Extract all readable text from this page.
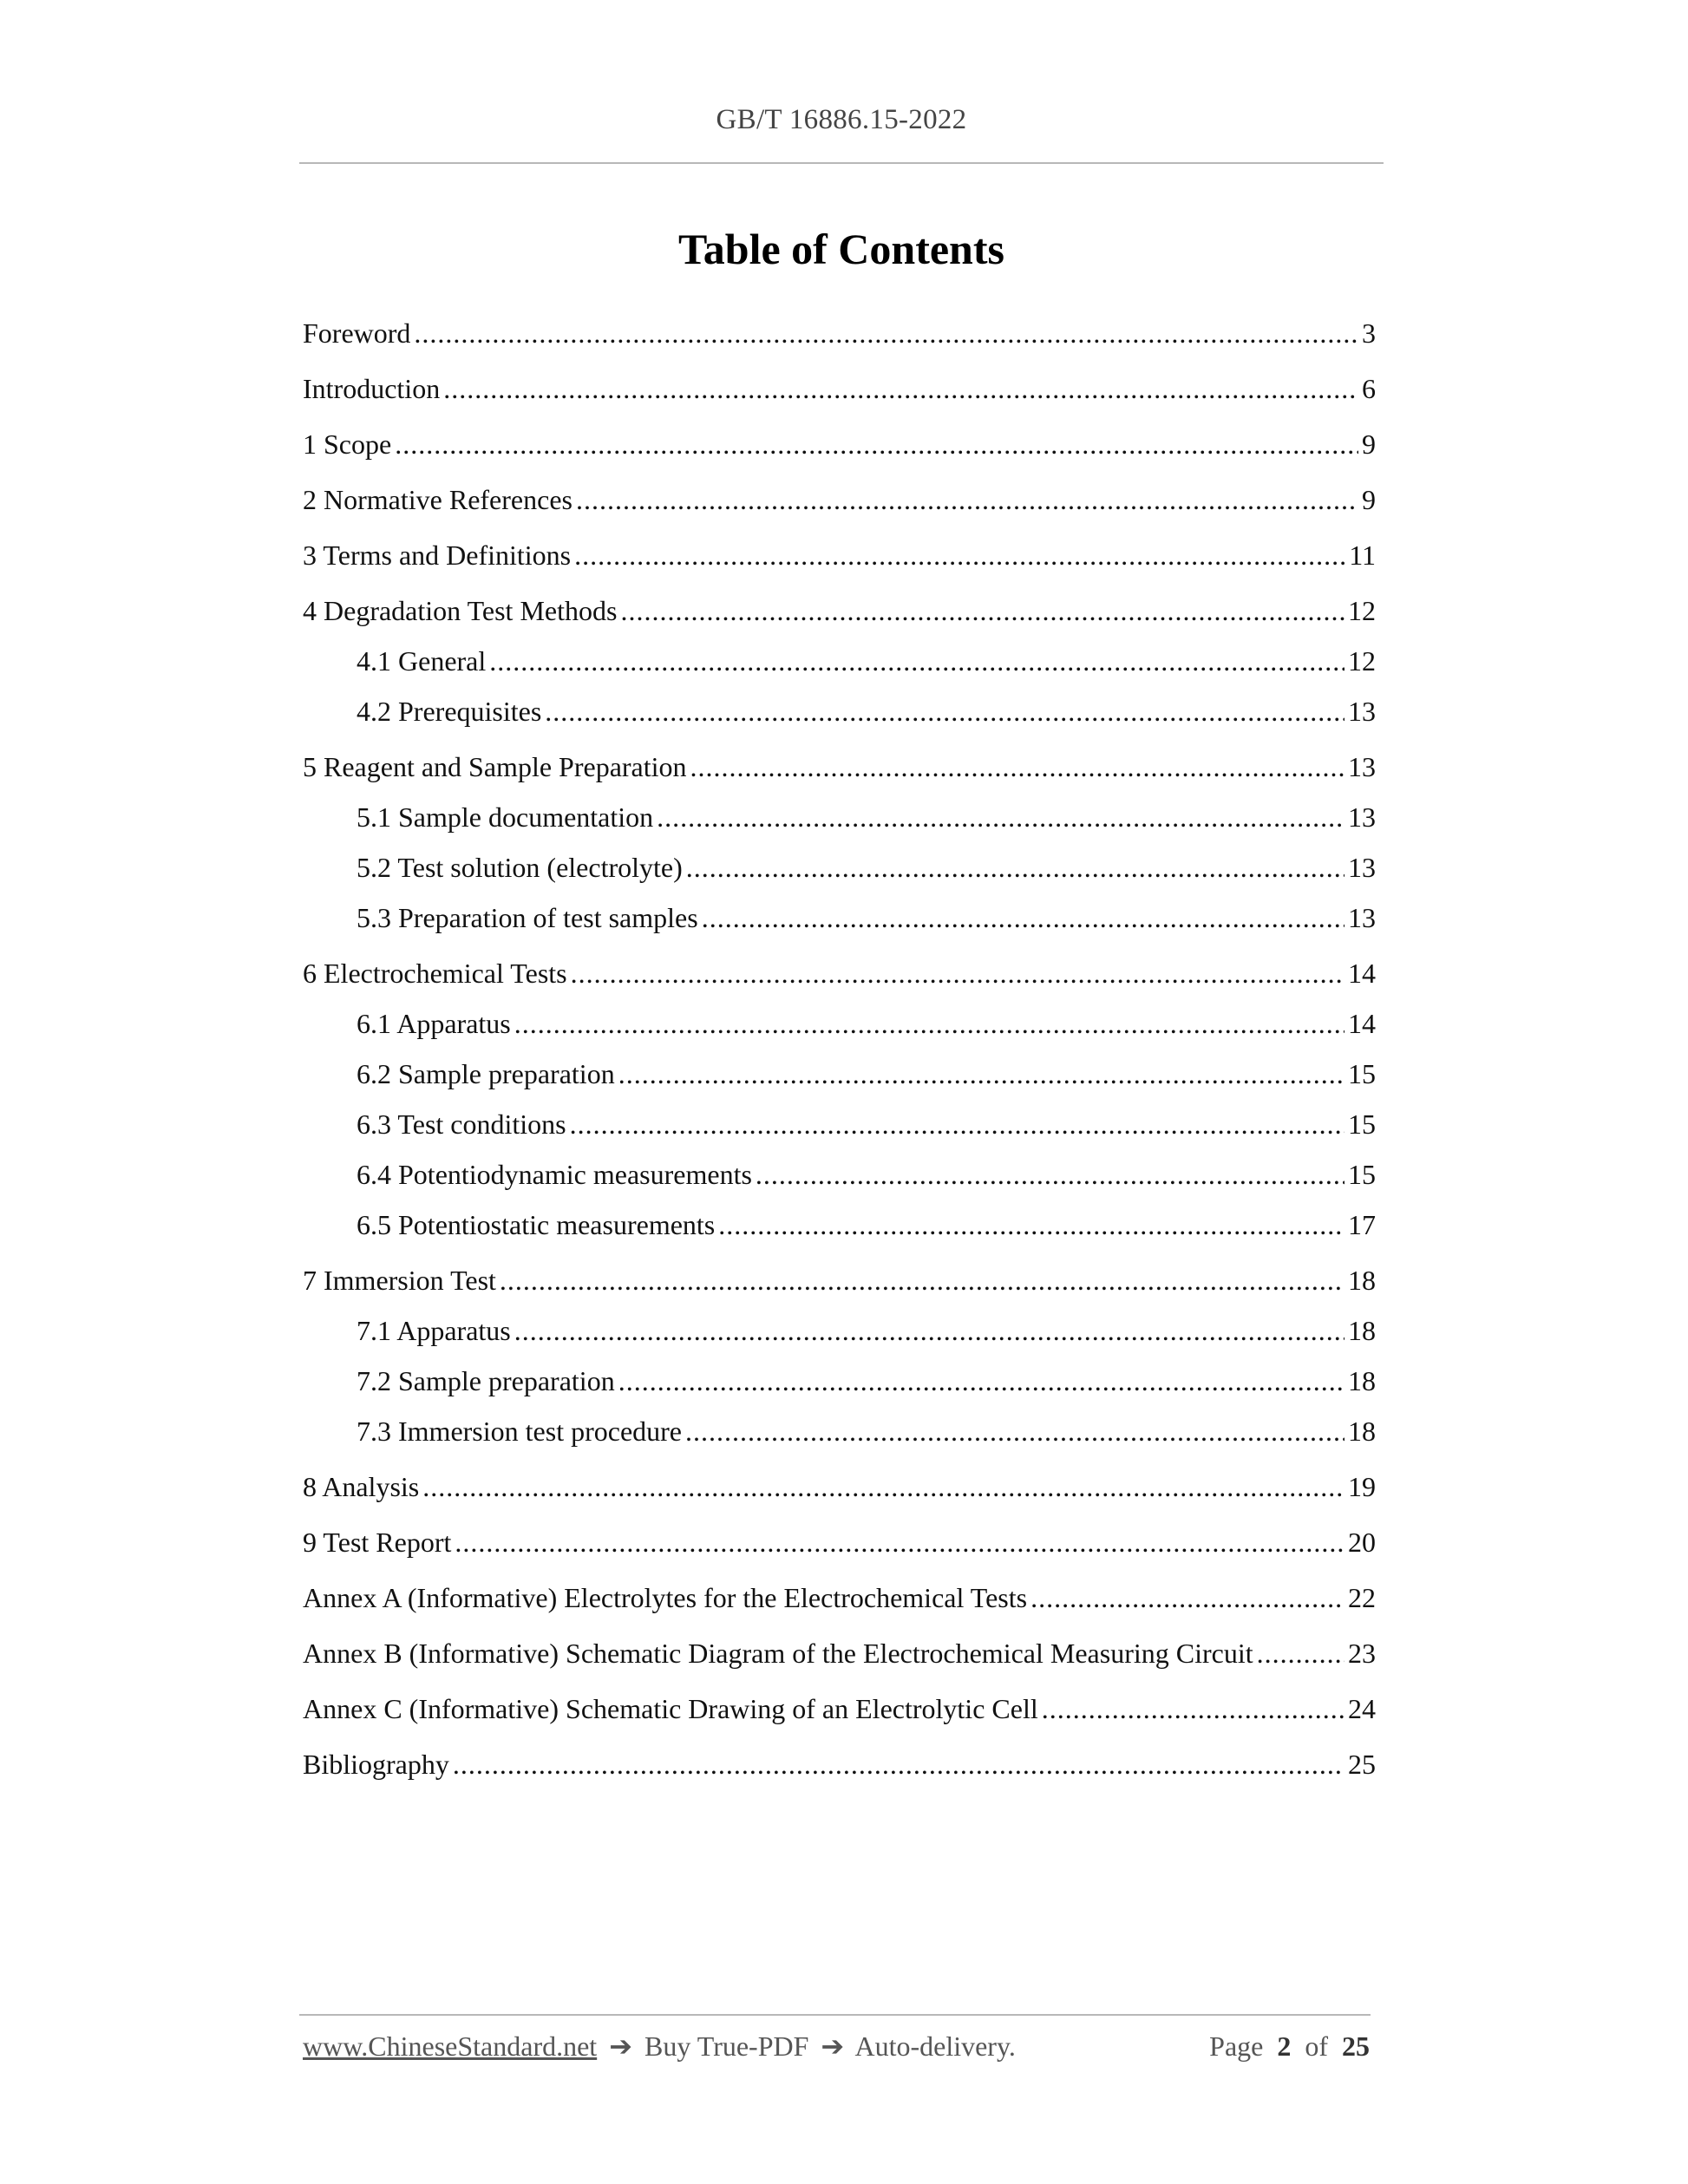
GB/T 16886.15-2022
Table of Contents
Foreword .....	3
Introduction .....	6
1 Scope .....	9
2 Normative References .....	9
3 Terms and Definitions .....	11
4 Degradation Test Methods .....	12
4.1 General .....	12
4.2 Prerequisites .....	13
5 Reagent and Sample Preparation .....	13
5.1 Sample documentation .....	13
5.2 Test solution (electrolyte) .....	13
5.3 Preparation of test samples .....	13
6 Electrochemical Tests .....	14
6.1 Apparatus .....	14
6.2 Sample preparation .....	15
6.3 Test conditions .....	15
6.4 Potentiodynamic measurements .....	15
6.5 Potentiostatic measurements .....	17
7 Immersion Test .....	18
7.1 Apparatus .....	18
7.2 Sample preparation .....	18
7.3 Immersion test procedure .....	18
8 Analysis .....	19
9 Test Report .....	20
Annex A (Informative) Electrolytes for the Electrochemical Tests .....	22
Annex B (Informative) Schematic Diagram of the Electrochemical Measuring Circuit .....	23
Annex C (Informative) Schematic Drawing of an Electrolytic Cell .....	24
Bibliography .....	25
www.ChineseStandard.net ➔ Buy True-PDF ➔ Auto-delivery.	Page 2 of 25
